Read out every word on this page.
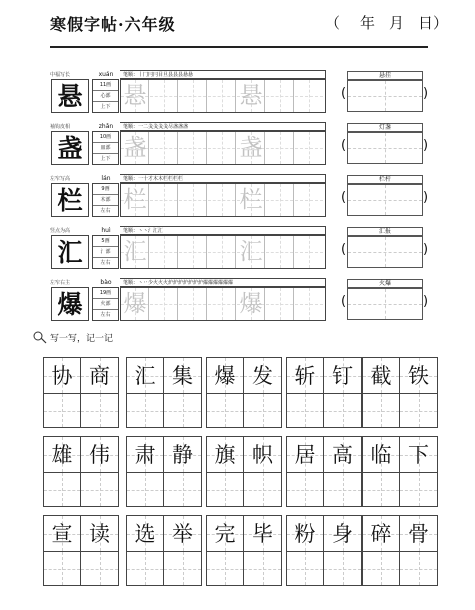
寒假字帖·六年级	（ 年 月 日）
中福写长	xuán
悬	11画
心部
上下
笔顺：丨冂冃冃目旦县县县悬悬
悬	悬
悬挂
(	)
袖钩皮相	zhǎn
盏	10画
皿部
上下
笔顺：一二戋戋戋戋尽盏盏盏
盏	盏
灯盏
(	)
左窄写高	lán
栏	9画
木部
左右
笔顺：一十才木木栏栏栏栏
栏	栏
栏杆
(	)
竖点为高	huì
汇	5画
氵部
左右
笔顺：丶丶氵汇汇
汇	汇
汇报
(	)
左窄右主	bào
爆	19画
火部
左右
笔顺：丶丷少火火火炉炉炉炉炉炉炉爆爆爆爆爆爆
爆	爆
火爆
(	)
写一写，记一记
协 商	汇 集	爆 发	斩 钉 截 铁
雄 伟	肃 静	旗 帜	居 高 临 下
宣 读	选 举	完 毕	粉 身 碎 骨
